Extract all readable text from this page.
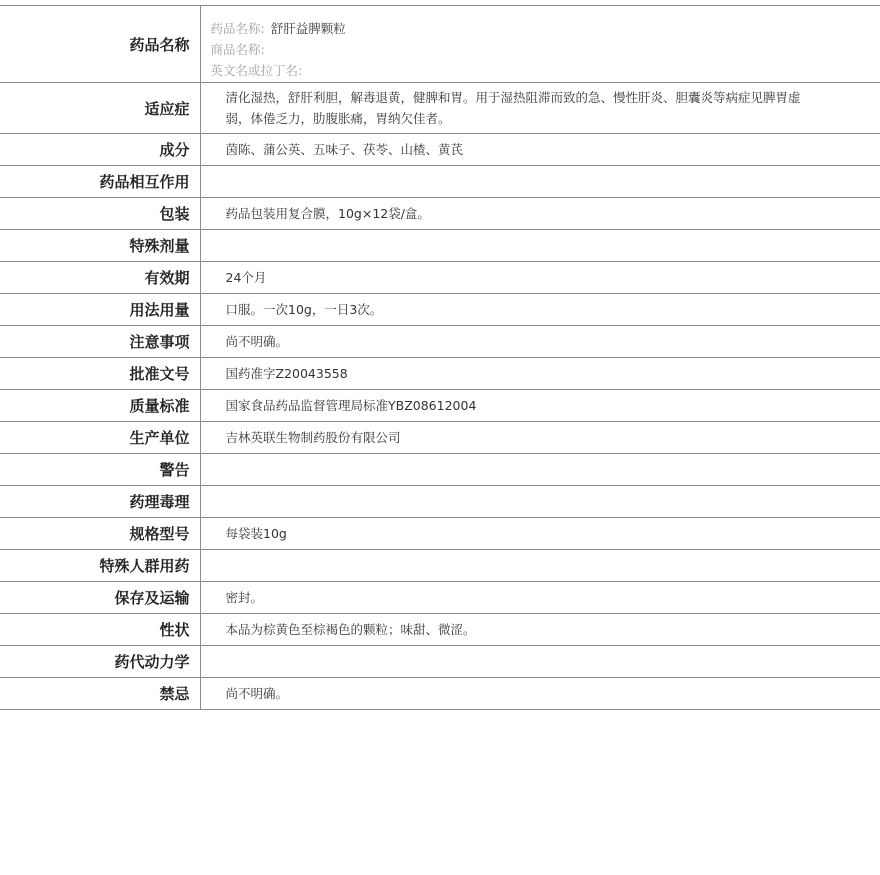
药品名称	药品名称: 舒肝益脾颗粒
商品名称:
英文名或拉丁名:

适应症	清化湿热，舒肝利胆，解毒退黄，健脾和胃。用于湿热阻滞而致的急、慢性肝炎、胆囊炎等病症见脾胃虚弱，体倦乏力，肋腹胀痛，胃纳欠佳者。

成分	茵陈、蒲公英、五味子、茯苓、山楂、黄芪
药品相互作用	
包装	药品包装用复合膜，10g×12袋/盒。
特殊剂量	
有效期	24个月
用法用量	口服。一次10g，一日3次。
注意事项	尚不明确。
批准文号	国药准字Z20043558
质量标准	国家食品药品监督管理局标准YBZ08612004
生产单位	吉林英联生物制药股份有限公司
警告	
药理毒理	
规格型号	每袋装10g
特殊人群用药	
保存及运输	密封。
性状	本品为棕黄色至棕褐色的颗粒；味甜、微涩。
药代动力学	
禁忌	尚不明确。
